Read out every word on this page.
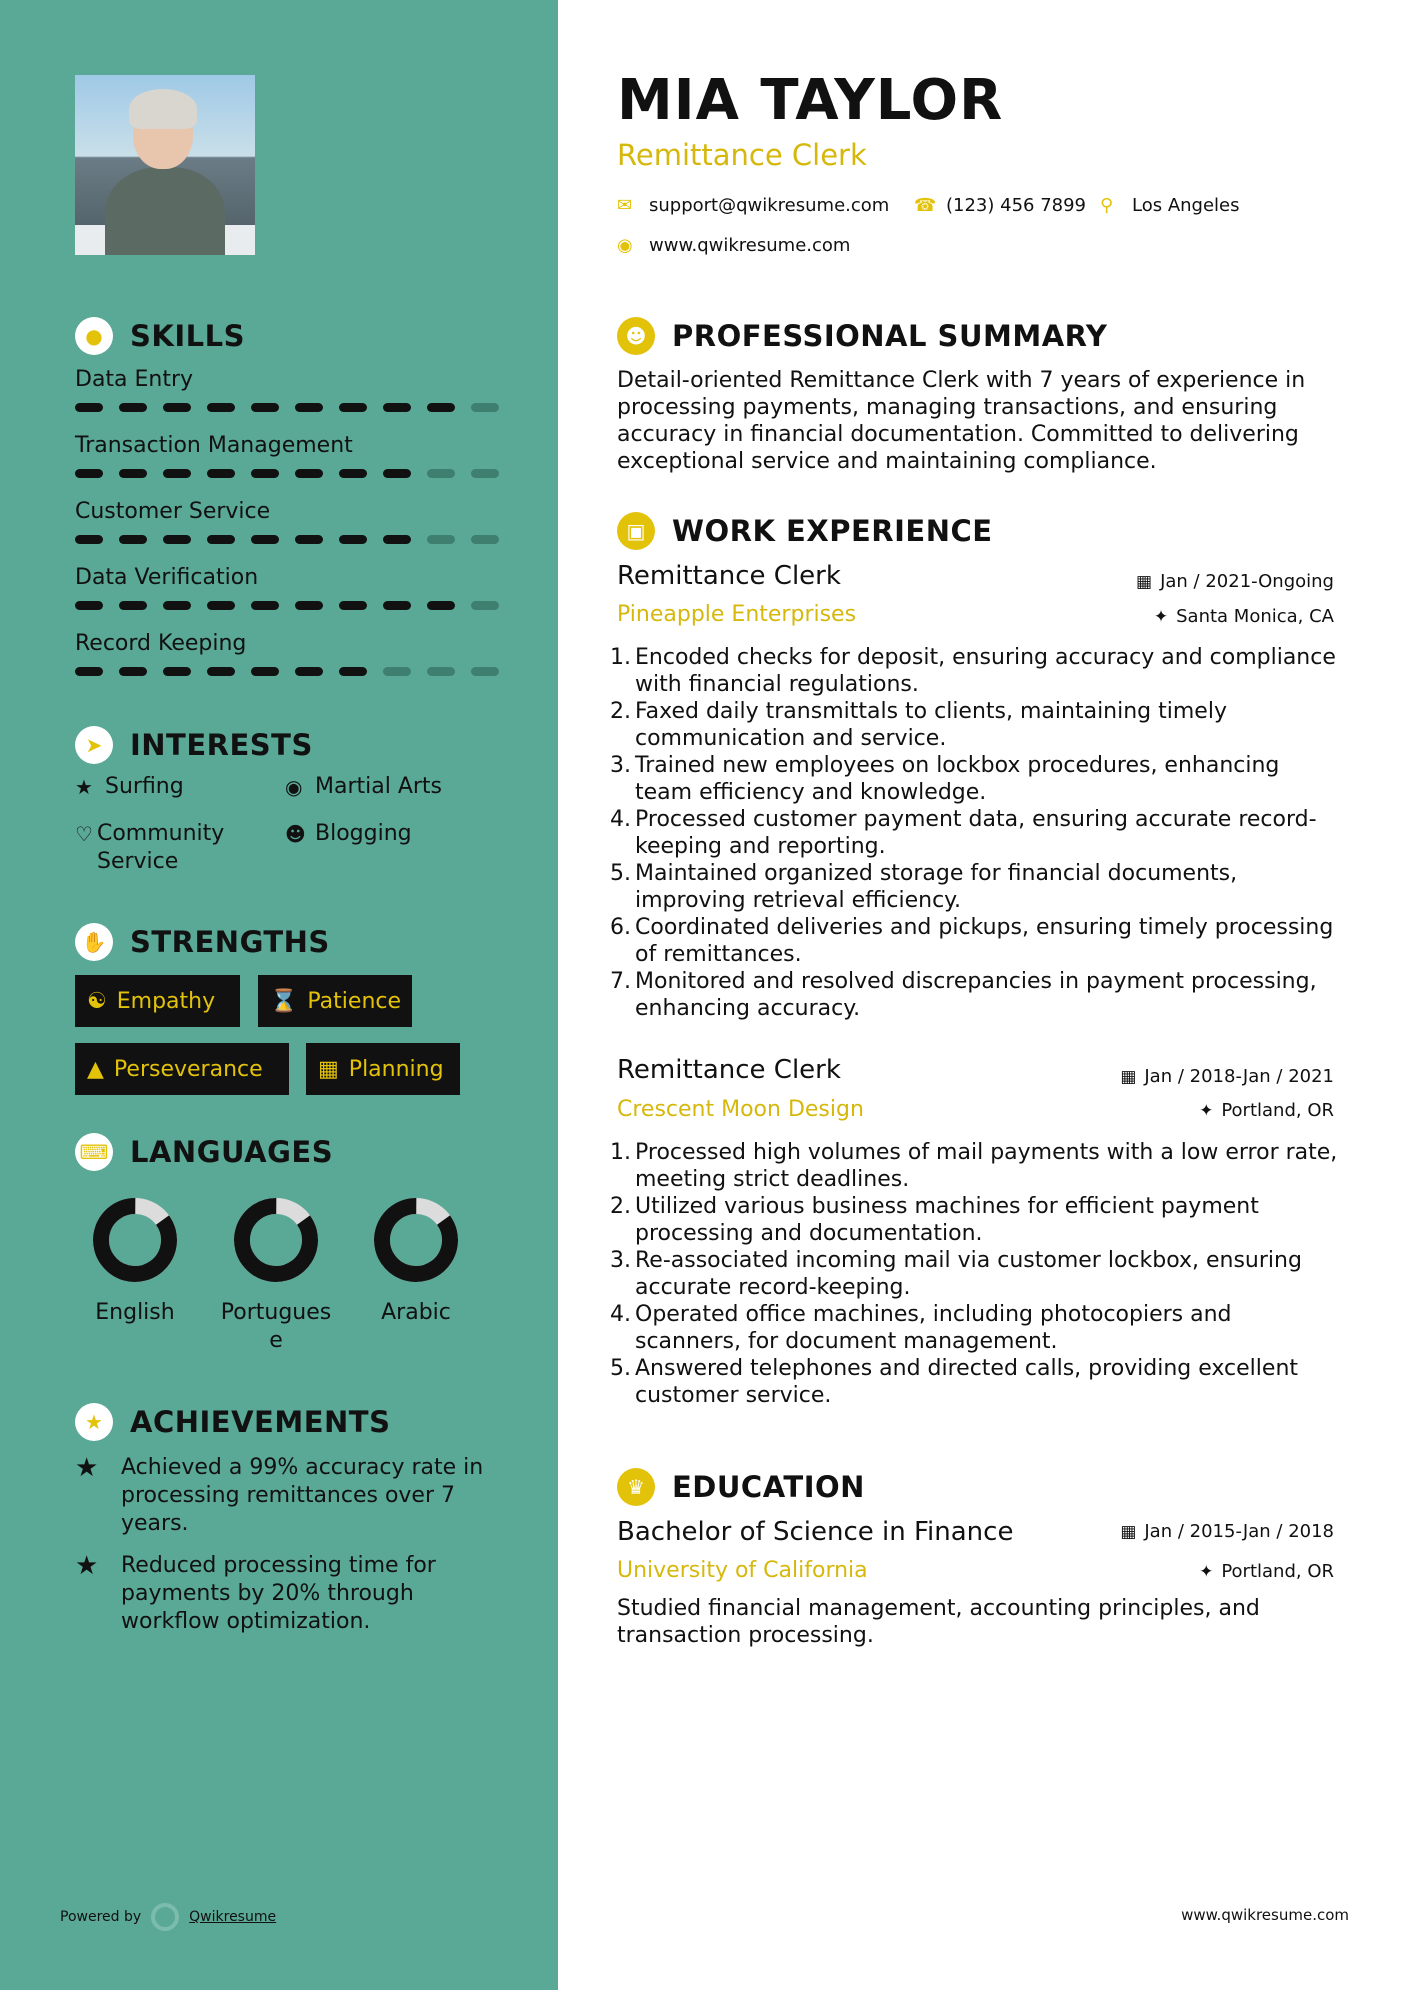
● SKILLS
Data Entry
Transaction Management
Customer Service
Data Verification
Record Keeping
➤ INTERESTS
★ Surfing	◉ Martial Arts
♡ Community Service
☻ Blogging
✋ STRENGTHS
☯ Empathy ⌛ Patience
▲ Perseverance	▦ Planning
⌨ LANGUAGES
English	Portuguese
Arabic
★ ACHIEVEMENTS
★	Achieved a 99% accuracy rate in processing remittances over 7 years.
★	Reduced processing time for payments by 20% through workflow optimization.
Powered by	Qwikresume
MIA TAYLOR
Remittance Clerk
✉ support@qwikresume.com ☎ (123) 456 7899 ⚲	Los Angeles
◉ www.qwikresume.com
☻ PROFESSIONAL SUMMARY
Detail-oriented Remittance Clerk with 7 years of experience in processing payments, managing transactions, and ensuring accuracy in financial documentation. Committed to delivering exceptional service and maintaining compliance.
▣ WORK EXPERIENCE
Remittance Clerk	▦ Jan / 2021-Ongoing
Pineapple Enterprises	✦ Santa Monica, CA
1. Encoded checks for deposit, ensuring accuracy and compliance with financial regulations.
2. Faxed daily transmittals to clients, maintaining timely communication and service.
3. Trained new employees on lockbox procedures, enhancing team efficiency and knowledge.
4. Processed customer payment data, ensuring accurate record-keeping and reporting.
5. Maintained organized storage for financial documents, improving retrieval efficiency.
6. Coordinated deliveries and pickups, ensuring timely processing of remittances.
7. Monitored and resolved discrepancies in payment processing, enhancing accuracy.
Remittance Clerk	▦ Jan / 2018-Jan / 2021
Crescent Moon Design	✦ Portland, OR
1. Processed high volumes of mail payments with a low error rate, meeting strict deadlines.
2. Utilized various business machines for efficient payment processing and documentation.
3. Re-associated incoming mail via customer lockbox, ensuring accurate record-keeping.
4. Operated office machines, including photocopiers and scanners, for document management.
5. Answered telephones and directed calls, providing excellent customer service.
♛ EDUCATION
Bachelor of Science in Finance	▦ Jan / 2015-Jan / 2018
University of California	✦ Portland, OR
Studied financial management, accounting principles, and transaction processing.
www.qwikresume.com
